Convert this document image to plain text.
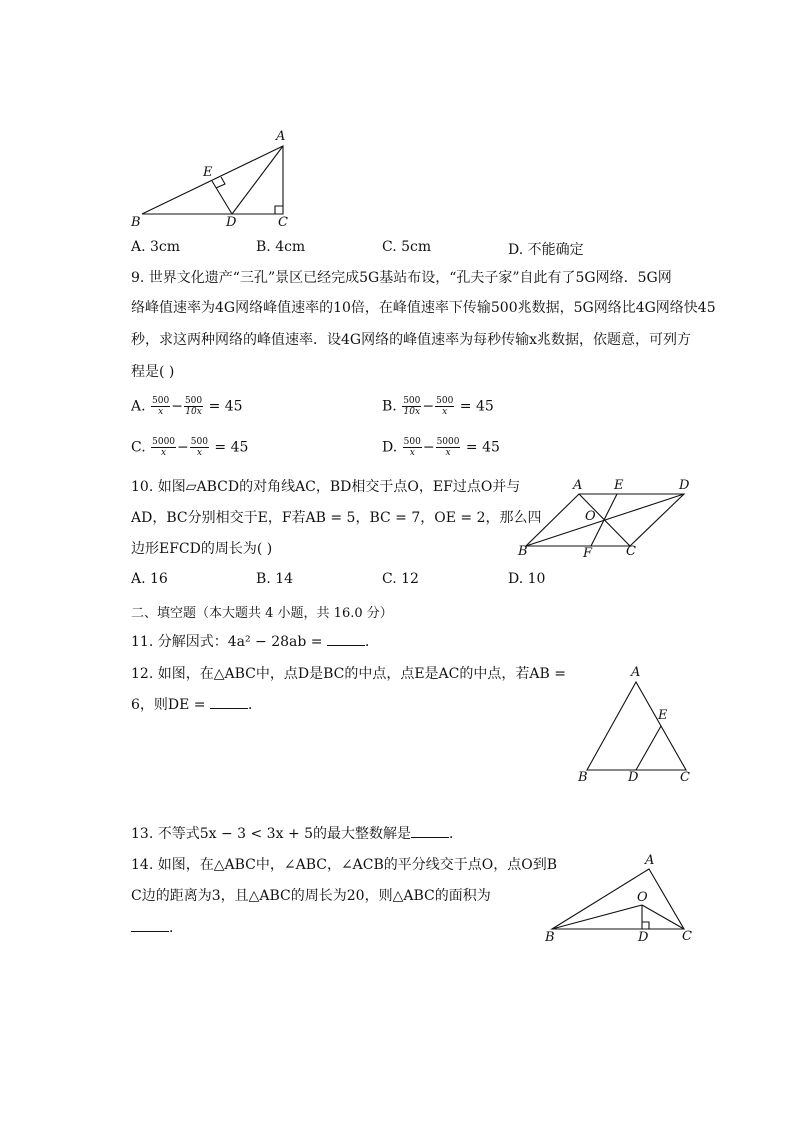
A
E
B	D	C
A. 3cm	B. 4cm	C. 5cm	D. 不能确定
9. 世界文化遗产“三孔”景区已经完成5G基站布设，“孔夫子家”自此有了5G网络．5G网
络峰值速率为4G网络峰值速率的10倍，在峰值速率下传输500兆数据，5G网络比4G网络快45
秒，求这两种网络的峰值速率．设4G网络的峰值速率为每秒传输x兆数据，依题意，可列方
程是( )
A. $\frac{500}{x} - \frac{500}{10x} = 45$	B. $\frac{500}{10x} - \frac{500}{x} = 45$
C. $\frac{5000}{x} - \frac{500}{x} = 45$	D. $\frac{500}{x} - \frac{5000}{x} = 45$
10. 如图▱ABCD的对角线AC，BD相交于点O，EF过点O并与
AD，BC分别相交于E，F若AB = 5，BC = 7，OE = 2，那么四
边形EFCD的周长为( )
A E	D
O
B	F	C
A. 16	B. 14	C. 12	D. 10
二、填空题（本大题共 4 小题，共 16.0 分）
11. 分解因式：4a² − 28ab =	．
12. 如图，在△ABC中，点D是BC的中点，点E是AC的中点，若AB =
6，则DE =	．
A
E
B	D	C
13. 不等式5x − 3 < 3x + 5的最大整数解是	．
14. 如图，在△ABC中，∠ABC，∠ACB的平分线交于点O，点O到B
C边的距离为3，且△ABC的周长为20，则△ABC的面积为
．
A
O
B	D	C
